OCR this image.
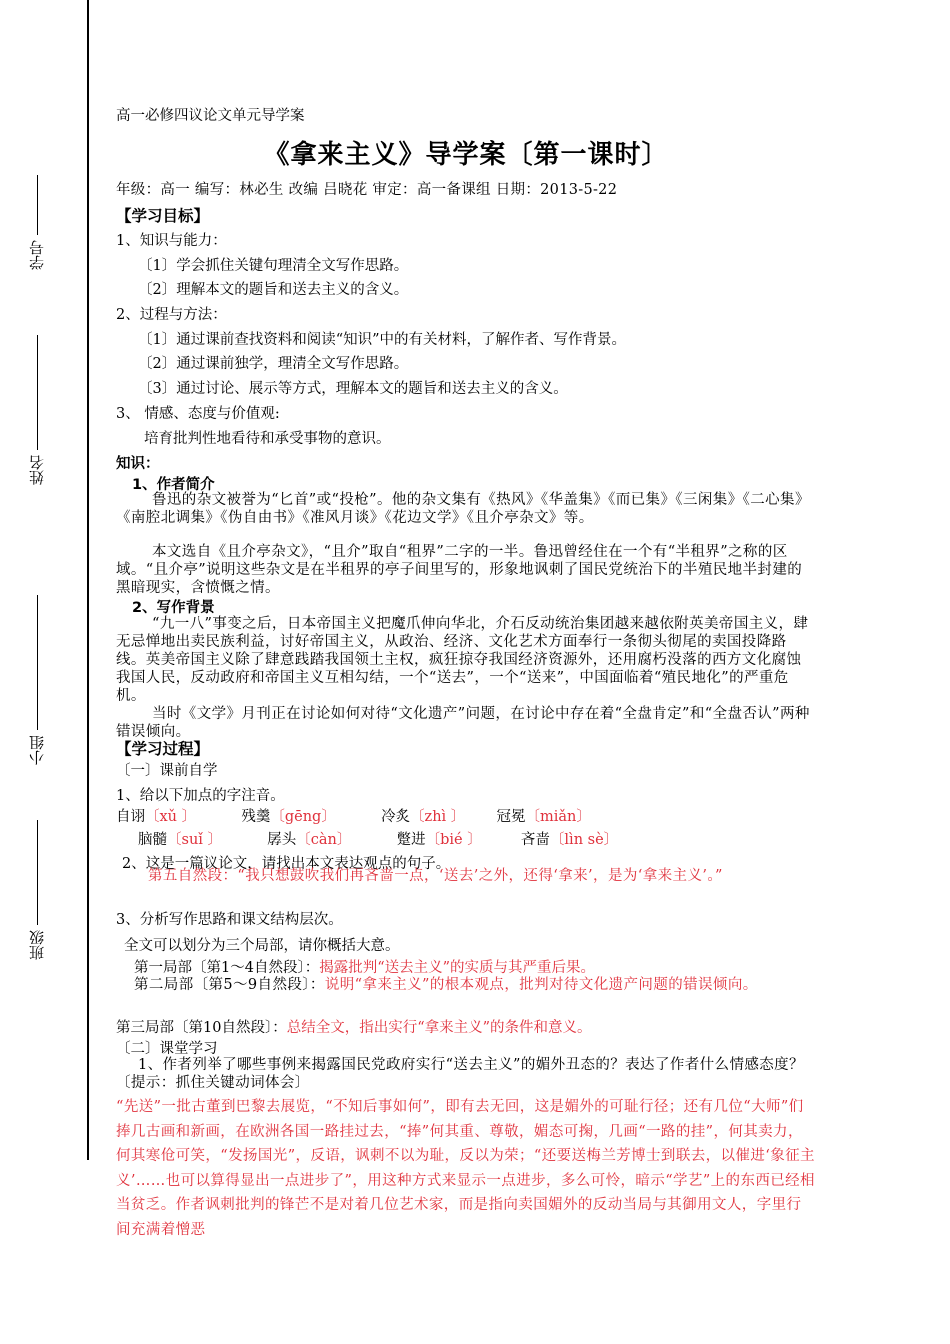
学号
姓名
小组
班级
高一必修四议论文单元导学案
《拿来主义》导学案〔第一课时〕
年级：高一 编写：林必生 改编 吕晓花 审定：高一备课组 日期：2013-5-22
【学习目标】
1、知识与能力：
〔1〕学会抓住关键句理清全文写作思路。
〔2〕理解本文的题旨和送去主义的含义。
2、过程与方法：
〔1〕通过课前查找资料和阅读“知识”中的有关材料，了解作者、写作背景。
〔2〕通过课前独学，理清全文写作思路。
〔3〕通过讨论、展示等方式，理解本文的题旨和送去主义的含义。
3、 情感、态度与价值观:
培育批判性地看待和承受事物的意识。
知识：
1、作者简介
鲁迅的杂文被誉为“匕首”或“投枪”。他的杂文集有《热风》《华盖集》《而已集》《三闲集》《二心集》《南腔北调集》《伪自由书》《准风月谈》《花边文学》《且介亭杂文》等。
本文选自《且介亭杂文》，“且介”取自“租界”二字的一半。鲁迅曾经住在一个有“半租界”之称的区域。“且介亭”说明这些杂文是在半租界的亭子间里写的，形象地讽刺了国民党统治下的半殖民地半封建的黑暗现实，含愤慨之情。
2、写作背景
“九一八”事变之后，日本帝国主义把魔爪伸向华北，介石反动统治集团越来越依附英美帝国主义，肆无忌惮地出卖民族利益，讨好帝国主义，从政治、经济、文化艺术方面奉行一条彻头彻尾的卖国投降路线。英美帝国主义除了肆意践踏我国领土主权，疯狂掠夺我国经济资源外，还用腐朽没落的西方文化腐蚀我国人民，反动政府和帝国主义互相勾结，一个“送去”，一个“送来”，中国面临着“殖民地化”的严重危机。
当时《文学》月刊正在讨论如何对待“文化遗产”问题，在讨论中存在着“全盘肯定”和“全盘否认”两种错误倾向。
【学习过程】
〔一〕课前自学
1、给以下加点的字注音。
自诩〔xǔ 〕	残羹〔gēng〕	冷炙〔zhì 〕 冠冕〔miǎn〕
脑髓〔suǐ 〕	孱头〔càn〕	蹩进〔bié 〕	吝啬〔lìn sè〕
2、这是一篇议论文，请找出本文表达观点的句子。
第五自然段：“我只想鼓吹我们再吝啬一点，‘送去’之外，还得‘拿来’，是为‘拿来主义’。”
3、分析写作思路和课文结构层次。
全文可以划分为三个局部，请你概括大意。
第一局部〔第1～4自然段〕：揭露批判“送去主义”的实质与其严重后果。
第二局部〔第5～9自然段〕：说明“拿来主义”的根本观点，批判对待文化遗产问题的错误倾向。
第三局部〔第10自然段〕：总结全文，指出实行“拿来主义”的条件和意义。
〔二〕课堂学习
1、作者列举了哪些事例来揭露国民党政府实行“送去主义”的媚外丑态的？表达了作者什么情感态度？〔提示：抓住关键动词体会〕
“先送”一批古董到巴黎去展览，“不知后事如何”，即有去无回，这是媚外的可耻行径；还有几位“大师”们捧几古画和新画，在欧洲各国一路挂过去，“捧”何其重、尊敬，媚态可掬，几画“一路的挂”，何其卖力，何其寒伧可笑，“发扬国光”，反语，讽刺不以为耻，反以为荣；“还要送梅兰芳博士到联去，以催进‘象征主义’……也可以算得显出一点进步了”，用这种方式来显示一点进步，多么可怜，暗示“学艺”上的东西已经相当贫乏。作者讽刺批判的锋芒不是对着几位艺术家，而是指向卖国媚外的反动当局与其御用文人，字里行间充满着憎恶
